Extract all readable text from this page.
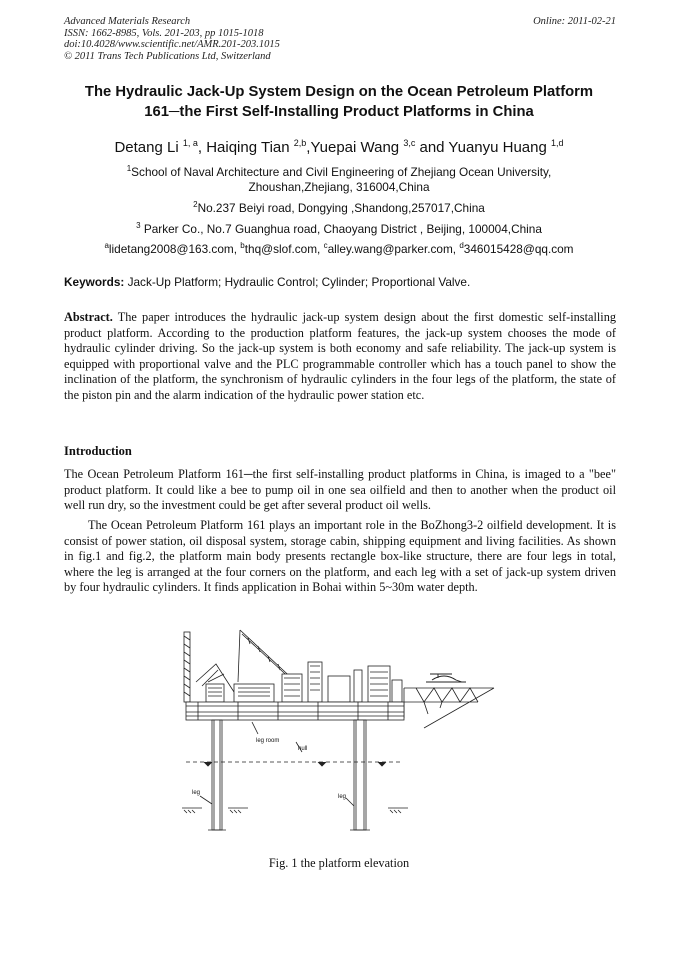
Advanced Materials Research
ISSN: 1662-8985, Vols. 201-203, pp 1015-1018
doi:10.4028/www.scientific.net/AMR.201-203.1015
© 2011 Trans Tech Publications Ltd, Switzerland
Online: 2011-02-21
The Hydraulic Jack-Up System Design on the Ocean Petroleum Platform
161─the First Self-Installing Product Platforms in China
Detang Li $^{1, a}$, Haiqing Tian $^{2,b}$,Yuepai Wang $^{3,c}$ and Yuanyu Huang $^{1,d}$
$^1$School of Naval Architecture and Civil Engineering of Zhejiang Ocean University,
Zhoushan,Zhejiang, 316004,China
$^2$No.237 Beiyi road, Dongying ,Shandong,257017,China
$^3$ Parker Co., No.7 Guanghua road, Chaoyang District , Beijing, 100004,China
$^a$lidetang2008@163.com, $^b$thq@slof.com, $^c$alley.wang@parker.com, $^d$346015428@qq.com
Keywords: Jack-Up Platform; Hydraulic Control; Cylinder; Proportional Valve.
Abstract. The paper introduces the hydraulic jack-up system design about the first domestic self-installing product platform. According to the production platform features, the jack-up system chooses the mode of hydraulic cylinder driving. So the jack-up system is both economy and safe reliability. The jack-up system is equipped with proportional valve and the PLC programmable controller which has a touch panel to show the inclination of the platform, the synchronism of hydraulic cylinders in the four legs of the platform, the state of the piston pin and the alarm indication of the hydraulic power station etc.
Introduction
The Ocean Petroleum Platform 161─the first self-installing product platforms in China, is imaged to a "bee" product platform. It could like a bee to pump oil in one sea oilfield and then to another when the product oil well run dry, so the investment could be get after several product oil wells.
The Ocean Petroleum Platform 161 plays an important role in the BoZhong3-2 oilfield development. It is consist of power station, oil disposal system, storage cabin, shipping equipment and living facilities. As shown in fig.1 and fig.2, the platform main body presents rectangle box-like structure, there are four legs in total, where the leg is arranged at the four corners on the platform, and each leg with a set of jack-up system driven by four hydraulic cylinders. It finds application in Bohai within 5~30m water depth.
leg room
hull
leg
leg
Fig. 1 the platform elevation
